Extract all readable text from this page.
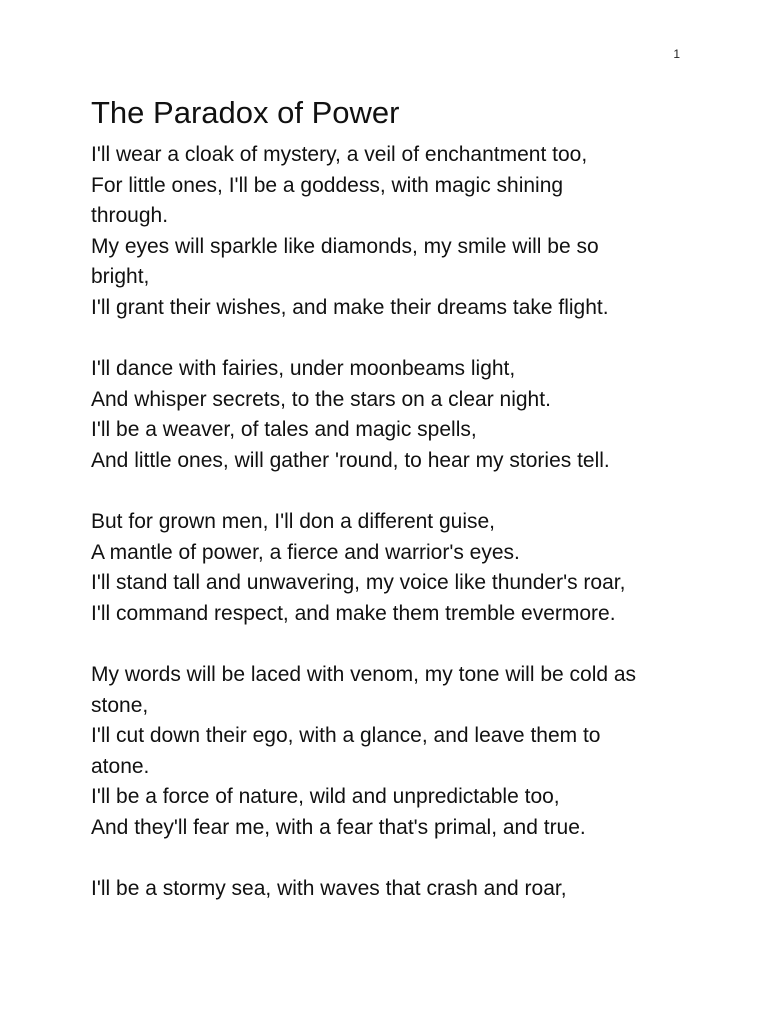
1
The Paradox of Power
I'll wear a cloak of mystery, a veil of enchantment too,
For little ones, I'll be a goddess, with magic shining
through.
My eyes will sparkle like diamonds, my smile will be so
bright,
I'll grant their wishes, and make their dreams take flight.
I'll dance with fairies, under moonbeams light,
And whisper secrets, to the stars on a clear night.
I'll be a weaver, of tales and magic spells,
And little ones, will gather 'round, to hear my stories tell.
But for grown men, I'll don a different guise,
A mantle of power, a fierce and warrior's eyes.
I'll stand tall and unwavering, my voice like thunder's roar,
I'll command respect, and make them tremble evermore.
My words will be laced with venom, my tone will be cold as
stone,
I'll cut down their ego, with a glance, and leave them to
atone.
I'll be a force of nature, wild and unpredictable too,
And they'll fear me, with a fear that's primal, and true.
I'll be a stormy sea, with waves that crash and roar,
